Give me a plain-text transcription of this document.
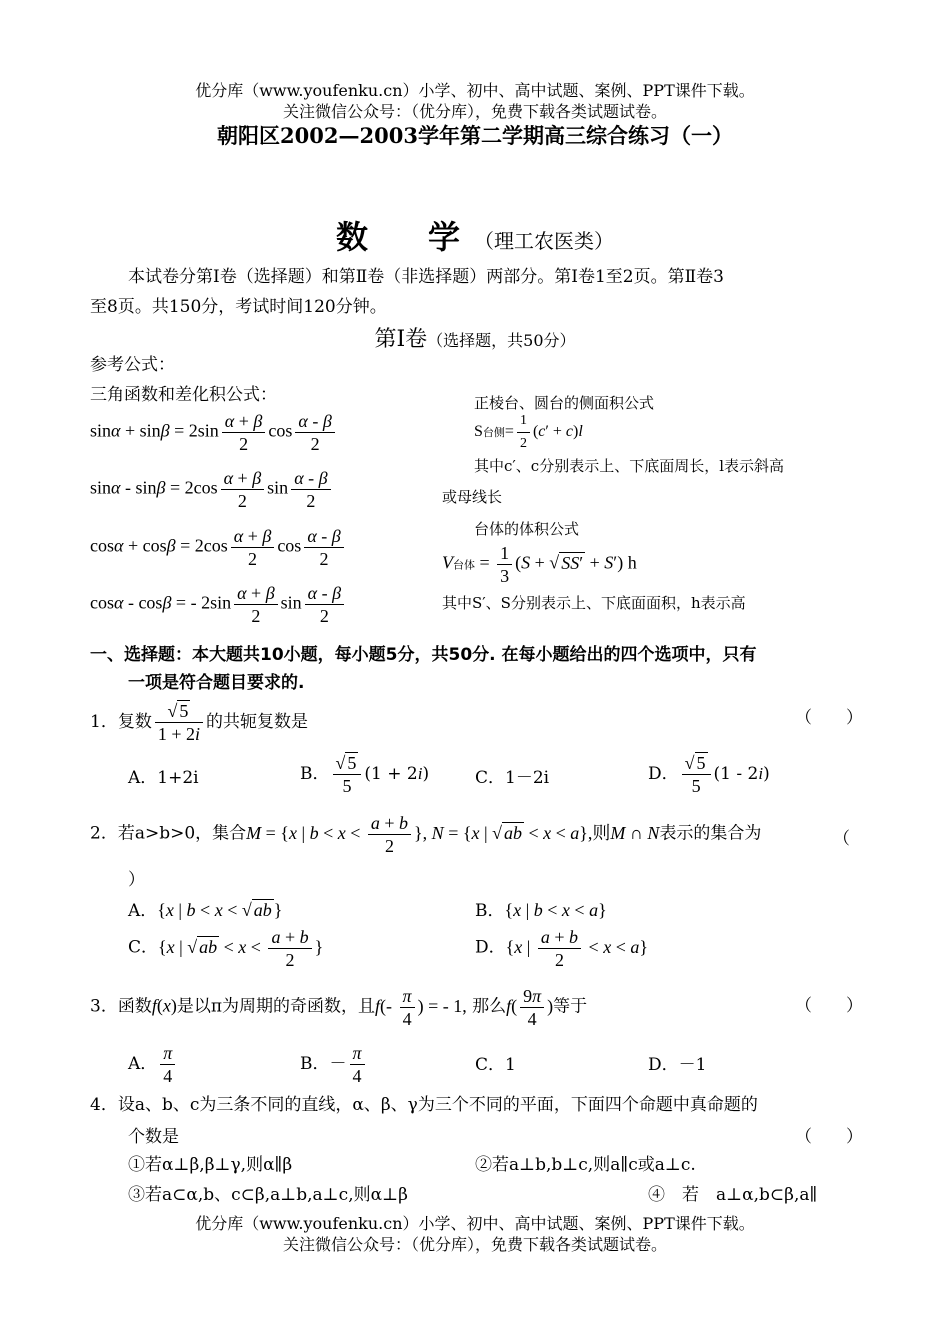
优分库（www.youfenku.cn）小学、初中、高中试题、案例、PPT课件下载。
关注微信公众号：（优分库），免费下载各类试题试卷。
朝阳区2002—2003学年第二学期高三综合练习（一）
数　学（理工农医类）
本试卷分第Ⅰ卷（选择题）和第Ⅱ卷（非选择题）两部分。第Ⅰ卷1至2页。第Ⅱ卷3
至8页。共150分，考试时间120分钟。
第Ⅰ卷（选择题，共50分）
参考公式：
三角函数和差化积公式：
$\sin\alpha + \sin\beta = 2\sin \frac{\alpha + \beta}{2}$ $\cos \frac{\alpha - \beta}{2}$
$\sin\alpha - \sin\beta = 2\cos \frac{\alpha + \beta}{2}$ $\sin \frac{\alpha - \beta}{2}$
$\cos\alpha + \cos\beta = 2\cos \frac{\alpha + \beta}{2}$ $\cos \frac{\alpha - \beta}{2}$
cosα - cosβ = - $2\sin \frac{\alpha + \beta}{2}$ $\sin \frac{\alpha - \beta}{2}$
正棱台、圆台的侧面积公式
S台侧= $\frac{1}{2} (c' + c)l$
其中c′、c分别表示上、下底面周长，l表示斜高
或母线长
台体的体积公式
V台体 = $\frac{1}{3} (S$ + √ SS′ + S′) h
其中S′、S分别表示上、下底面面积，h表示高
一、选择题：本大题共10小题，每小题5分，共50分. 在每小题给出的四个选项中，只有
一项是符合题目要求的.
1．复数 $\frac{√ 5}{1 + 2i}$ 的共轭复数是	（　　）
A．1+2i	B． $\frac{√ 5}{5} (1 + 2i)$	C．1－2i	D． $\frac{√ 5}{5} (1 - 2i)$
2．若a>b>0，集合M = {x | $b < x < \frac{a + b}{2}$ }, N = {x | √ ab < x < a},则M ∩ N表示的集合为	（
）
A．{x | b < x < √ ab }	B．{x | b < x < a}
C．{x | √ ab < $x < \frac{a + b}{2}$ }	D．{x | $\frac{a + b}{2} < x < a$}
3．函数f(x)是以π为周期的奇函数，且$f(- \frac{\pi}{4}$ ) = - 1, 那么$f( \frac{9\pi}{4}$ )等于	（　　）
A． $\frac{\pi}{4}$	B．－ $\frac{\pi}{4}$	C．1	D．－1
4．设a、b、c为三条不同的直线，α、β、γ为三个不同的平面，下面四个命题中真命题的
个数是	（　　）
①若α⊥β,β⊥γ,则α∥β	②若a⊥b,b⊥c,则a∥c或a⊥c.
③若a⊂α,b、c⊂β,a⊥b,a⊥c,则α⊥β	④　若　a⊥α,b⊂β,a∥
优分库（www.youfenku.cn）小学、初中、高中试题、案例、PPT课件下载。
关注微信公众号：（优分库），免费下载各类试题试卷。
